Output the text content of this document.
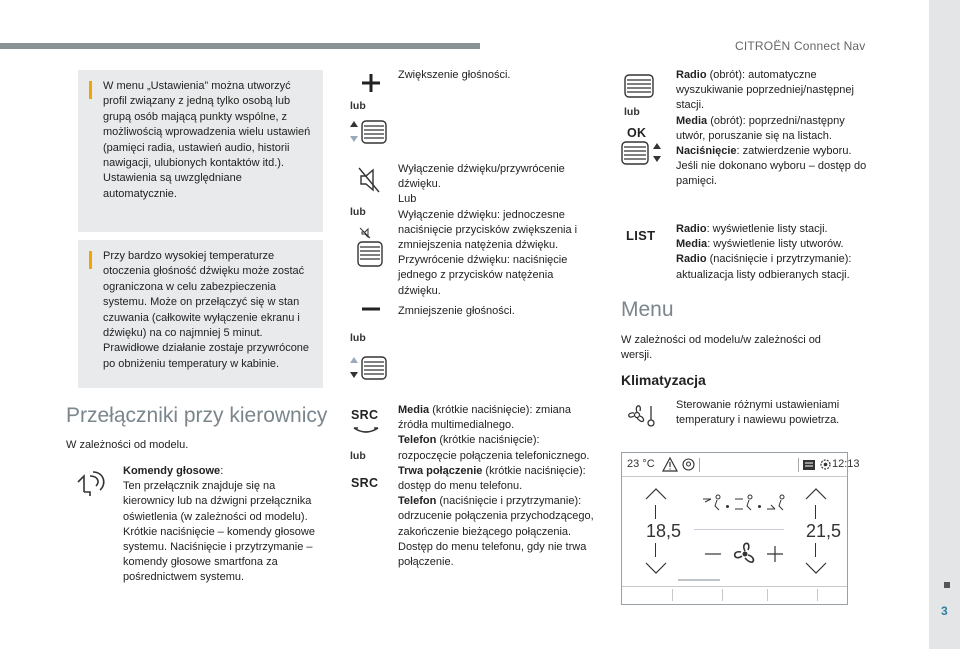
CITROËN Connect Nav
3

W menu „Ustawienia” można utworzyć profil związany z jedną tylko osobą lub grupą osób mającą punkty wspólne, z możliwością wprowadzenia wielu ustawień (pamięci radia, ustawień audio, historii nawigacji, ulubionych kontaktów itd.). Ustawienia są uwzględniane automatycznie.

Przy bardzo wysokiej temperaturze otoczenia głośność dźwięku może zostać ograniczona w celu zabezpieczenia systemu. Może on przełączyć się w stan czuwania (całkowite wyłączenie ekranu i dźwięku) na co najmniej 5 minut. Prawidłowe działanie zostaje przywrócone po obniżeniu temperatury w kabinie.

Przełączniki przy kierownicy
W zależności od modelu.
Komendy głosowe:
Ten przełącznik znajduje się na kierownicy lub na dźwigni przełącznika oświetlenia (w zależności od modelu). Krótkie naciśnięcie – komendy głosowe systemu. Naciśnięcie i przytrzymanie – komendy głosowe smartfona za pośrednictwem systemu.
lub
Zwiększenie głośności.
lub
Wyłączenie dźwięku/przywrócenie dźwięku.
Lub
Wyłączenie dźwięku: jednoczesne naciśnięcie przycisków zwiększenia i zmniejszenia natężenia dźwięku.
Przywrócenie dźwięku: naciśnięcie jednego z przycisków natężenia dźwięku.
lub
Zmniejszenie głośności.
SRC
lub
SRC
Media (krótkie naciśnięcie): zmiana źródła multimedialnego.
Telefon (krótkie naciśnięcie): rozpoczęcie połączenia telefonicznego.
Trwa połączenie (krótkie naciśnięcie): dostęp do menu telefonu.
Telefon (naciśnięcie i przytrzymanie): odrzucenie połączenia przychodzącego, zakończenie bieżącego połączenia. Dostęp do menu telefonu, gdy nie trwa połączenie.
lub
OK
Radio (obrót): automatyczne wyszukiwanie poprzedniej/następnej stacji.
Media (obrót): poprzedni/następny utwór, poruszanie się na listach.
Naciśnięcie: zatwierdzenie wyboru. Jeśli nie dokonano wyboru – dostęp do pamięci.
LIST Radio: wyświetlenie listy stacji.
Media: wyświetlenie listy utworów.
Radio (naciśnięcie i przytrzymanie): aktualizacja listy odbieranych stacji.
Menu
W zależności od modelu/w zależności od wersji.
Klimatyzacja
Sterowanie różnymi ustawieniami temperatury i nawiewu powietrza.
23 °C	12:13
18,5	21,5
